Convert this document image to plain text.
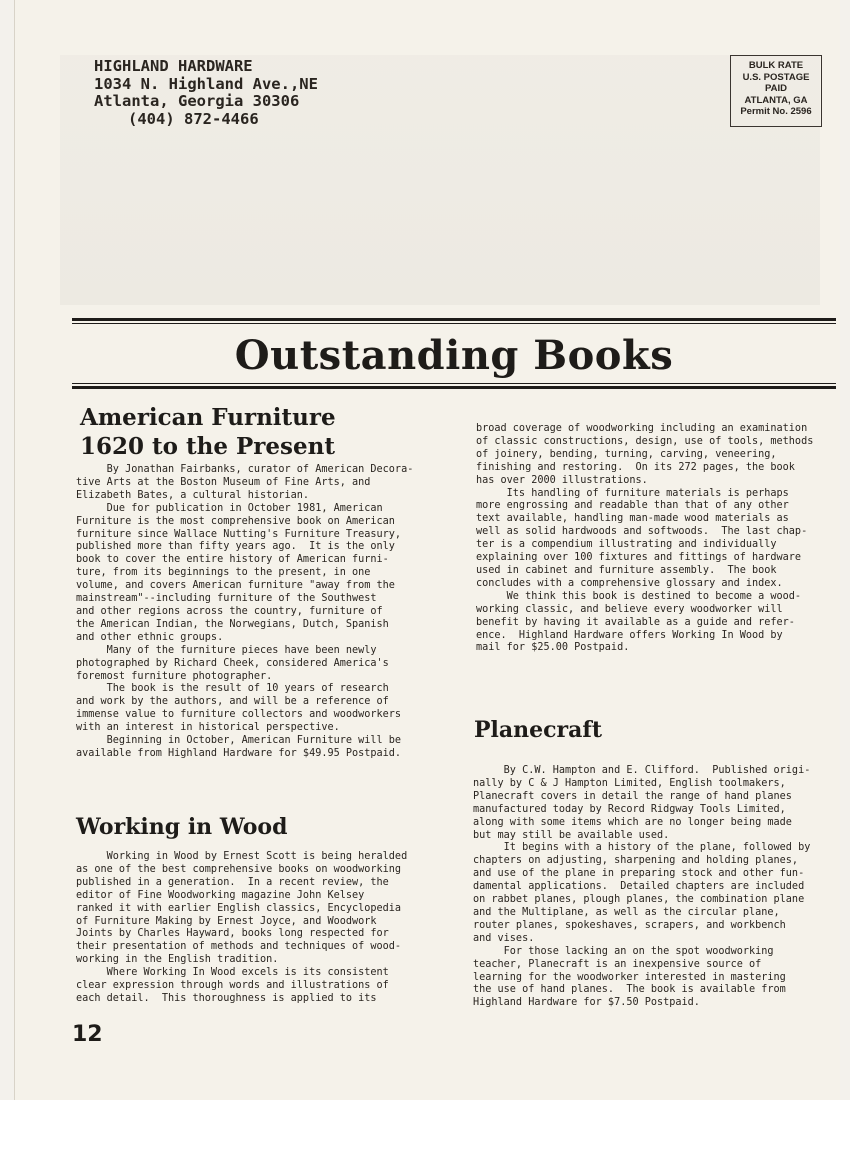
HIGHLAND HARDWARE
1034 N. Highland Ave.,NE
Atlanta, Georgia 30306
(404) 872-4466
BULK RATE
U.S. POSTAGE
PAID
ATLANTA, GA
Permit No. 2596
Outstanding Books
American Furniture
1620 to the Present
By Jonathan Fairbanks, curator of American Decora-
tive Arts at the Boston Museum of Fine Arts, and
Elizabeth Bates, a cultural historian.
Due for publication in October 1981, American
Furniture is the most comprehensive book on American
furniture since Wallace Nutting's Furniture Treasury,
published more than fifty years ago.  It is the only
book to cover the entire history of American furni-
ture, from its beginnings to the present, in one
volume, and covers American furniture "away from the
mainstream"--including furniture of the Southwest
and other regions across the country, furniture of
the American Indian, the Norwegians, Dutch, Spanish
and other ethnic groups.
Many of the furniture pieces have been newly
photographed by Richard Cheek, considered America's
foremost furniture photographer.
The book is the result of 10 years of research
and work by the authors, and will be a reference of
immense value to furniture collectors and woodworkers
with an interest in historical perspective.
Beginning in October, American Furniture will be
available from Highland Hardware for $49.95 Postpaid.
Working in Wood
Working in Wood by Ernest Scott is being heralded
as one of the best comprehensive books on woodworking
published in a generation.  In a recent review, the
editor of Fine Woodworking magazine John Kelsey
ranked it with earlier English classics, Encyclopedia
of Furniture Making by Ernest Joyce, and Woodwork
Joints by Charles Hayward, books long respected for
their presentation of methods and techniques of wood-
working in the English tradition.
Where Working In Wood excels is its consistent
clear expression through words and illustrations of
each detail.  This thoroughness is applied to its
broad coverage of woodworking including an examination
of classic constructions, design, use of tools, methods
of joinery, bending, turning, carving, veneering,
finishing and restoring.  On its 272 pages, the book
has over 2000 illustrations.
Its handling of furniture materials is perhaps
more engrossing and readable than that of any other
text available, handling man-made wood materials as
well as solid hardwoods and softwoods.  The last chap-
ter is a compendium illustrating and individually
explaining over 100 fixtures and fittings of hardware
used in cabinet and furniture assembly.  The book
concludes with a comprehensive glossary and index.
We think this book is destined to become a wood-
working classic, and believe every woodworker will
benefit by having it available as a guide and refer-
ence.  Highland Hardware offers Working In Wood by
mail for $25.00 Postpaid.
Planecraft
By C.W. Hampton and E. Clifford.  Published origi-
nally by C & J Hampton Limited, English toolmakers,
Planecraft covers in detail the range of hand planes
manufactured today by Record Ridgway Tools Limited,
along with some items which are no longer being made
but may still be available used.
It begins with a history of the plane, followed by
chapters on adjusting, sharpening and holding planes,
and use of the plane in preparing stock and other fun-
damental applications.  Detailed chapters are included
on rabbet planes, plough planes, the combination plane
and the Multiplane, as well as the circular plane,
router planes, spokeshaves, scrapers, and workbench
and vises.
For those lacking an on the spot woodworking
teacher, Planecraft is an inexpensive source of
learning for the woodworker interested in mastering
the use of hand planes.  The book is available from
Highland Hardware for $7.50 Postpaid.
12
